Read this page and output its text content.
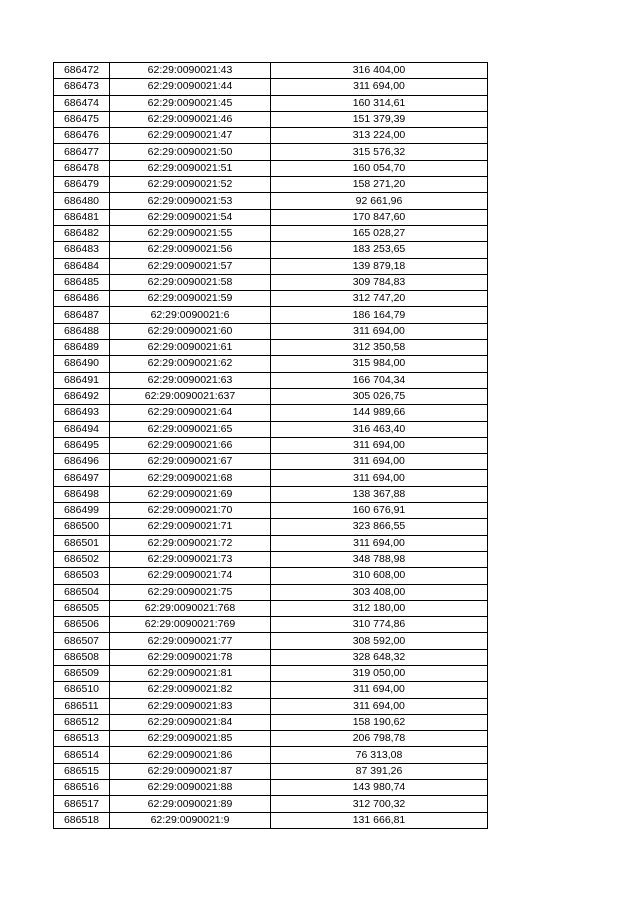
686472	62:29:0090021:43	316 404,00
686473	62:29:0090021:44	311 694,00
686474	62:29:0090021:45	160 314,61
686475	62:29:0090021:46	151 379,39
686476	62:29:0090021:47	313 224,00
686477	62:29:0090021:50	315 576,32
686478	62:29:0090021:51	160 054,70
686479	62:29:0090021:52	158 271,20
686480	62:29:0090021:53	92 661,96
686481	62:29:0090021:54	170 847,60
686482	62:29:0090021:55	165 028,27
686483	62:29:0090021:56	183 253,65
686484	62:29:0090021:57	139 879,18
686485	62:29:0090021:58	309 784,83
686486	62:29:0090021:59	312 747,20
686487	62:29:0090021:6	186 164,79
686488	62:29:0090021:60	311 694,00
686489	62:29:0090021:61	312 350,58
686490	62:29:0090021:62	315 984,00
686491	62:29:0090021:63	166 704,34
686492	62:29:0090021:637	305 026,75
686493	62:29:0090021:64	144 989,66
686494	62:29:0090021:65	316 463,40
686495	62:29:0090021:66	311 694,00
686496	62:29:0090021:67	311 694,00
686497	62:29:0090021:68	311 694,00
686498	62:29:0090021:69	138 367,88
686499	62:29:0090021:70	160 676,91
686500	62:29:0090021:71	323 866,55
686501	62:29:0090021:72	311 694,00
686502	62:29:0090021:73	348 788,98
686503	62:29:0090021:74	310 608,00
686504	62:29:0090021:75	303 408,00
686505	62:29:0090021:768	312 180,00
686506	62:29:0090021:769	310 774,86
686507	62:29:0090021:77	308 592,00
686508	62:29:0090021:78	328 648,32
686509	62:29:0090021:81	319 050,00
686510	62:29:0090021:82	311 694,00
686511	62:29:0090021:83	311 694,00
686512	62:29:0090021:84	158 190,62
686513	62:29:0090021:85	206 798,78
686514	62:29:0090021:86	76 313,08
686515	62:29:0090021:87	87 391,26
686516	62:29:0090021:88	143 980,74
686517	62:29:0090021:89	312 700,32
686518	62:29:0090021:9	131 666,81
